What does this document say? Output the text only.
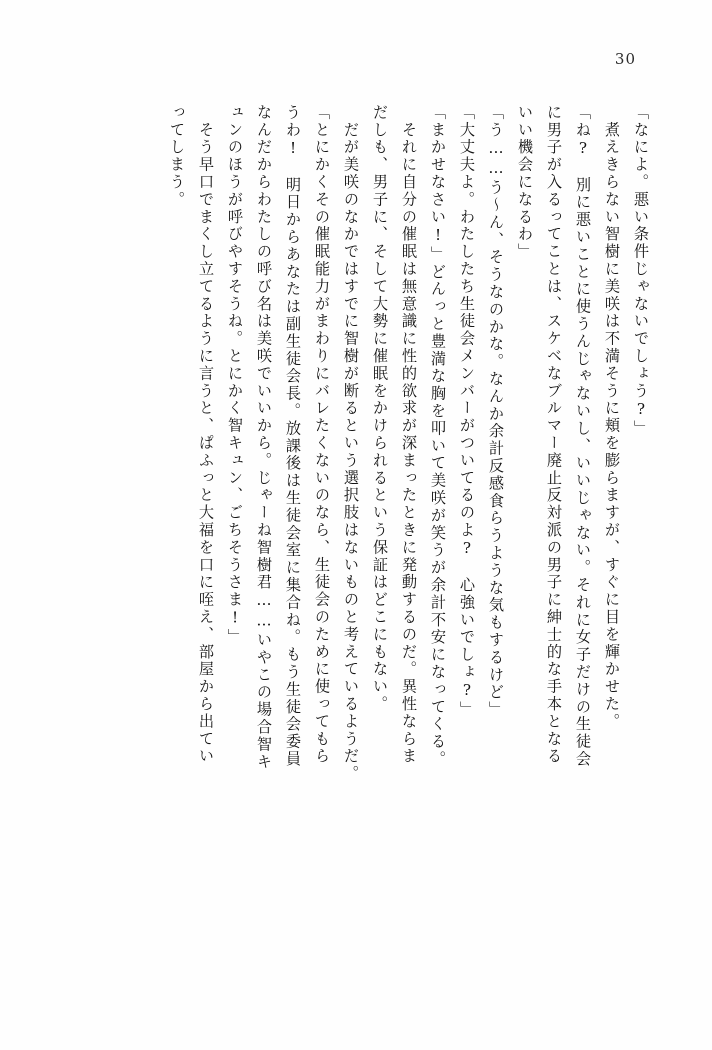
30
「なによ。悪い条件じゃないでしょう?」
　煮えきらない智樹に美咲は不満そうに頬を膨らますが、すぐに目を輝かせた。
「ね?　別に悪いことに使うんじゃないし、いいじゃない。それに女子だけの生徒会
に男子が入るってことは、スケベなブルマー廃止反対派の男子に紳士的な手本となる
いい機会になるわ」
「う……う～ん、そうなのかな。なんか余計反感食らうような気もするけど」
「大丈夫よ。わたしたち生徒会メンバーがついてるのよ?　心強いでしょ?」
「まかせなさい!」どんっと豊満な胸を叩いて美咲が笑うが余計不安になってくる。
　それに自分の催眠は無意識に性的欲求が深まったときに発動するのだ。異性ならま
だしも、男子に、そして大勢に催眠をかけられるという保証はどこにもない。
　だが美咲のなかではすでに智樹が断るという選択肢はないものと考えているようだ。
「とにかくその催眠能力がまわりにバレたくないのなら、生徒会のために使ってもら
うわ!　明日からあなたは副生徒会長。放課後は生徒会室に集合ね。もう生徒会委員
なんだからわたしの呼び名は美咲でいいから。じゃーね智樹君……いやこの場合智キ
ュンのほうが呼びやすそうね。とにかく智キュン、ごちそうさま!」
　そう早口でまくし立てるように言うと、ぱふっと大福を口に咥え、部屋から出てい
ってしまう。
